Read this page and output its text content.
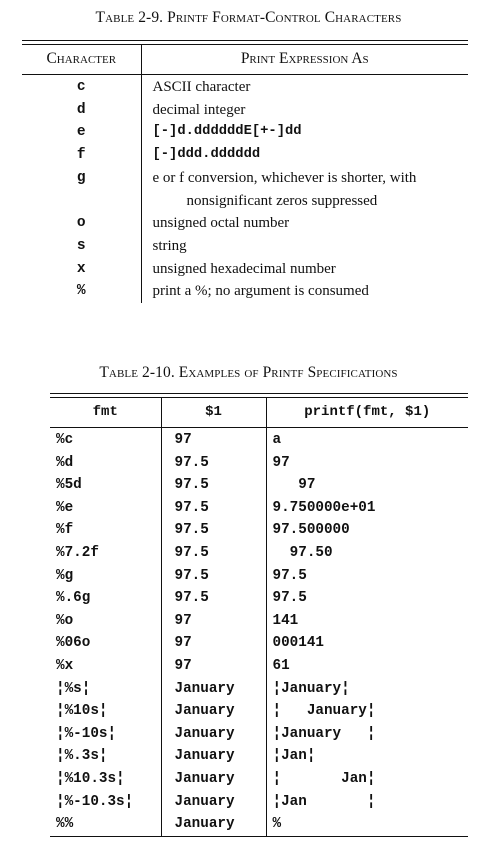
Table 2-9. Printf Format-Control Characters
Character	Print Expression As
c	ASCII character
d	decimal integer
e	[-]d.ddddddE[+-]dd
f	[-]ddd.dddddd
g	e or f conversion, whichever is shorter, with
nonsignificant zeros suppressed

o	unsigned octal number
s	string
x	unsigned hexadecimal number
%	print a %; no argument is consumed
Table 2-10. Examples of Printf Specifications
fmt	$1	printf(fmt, $1)
%c	97	a
%d	97.5	97
%5d	97.5	97
%e	97.5	9.750000e+01
%f	97.5	97.500000
%7.2f	97.5	97.50
%g	97.5	97.5
%.6g	97.5	97.5
%o	97	141
%06o	97	000141
%x	97	61
¦%s¦	January	¦January¦
¦%10s¦	January	¦   January¦
¦%-10s¦	January	¦January   ¦
¦%.3s¦	January	¦Jan¦
¦%10.3s¦	January	¦       Jan¦
¦%-10.3s¦	January	¦Jan       ¦
%%	January	%
